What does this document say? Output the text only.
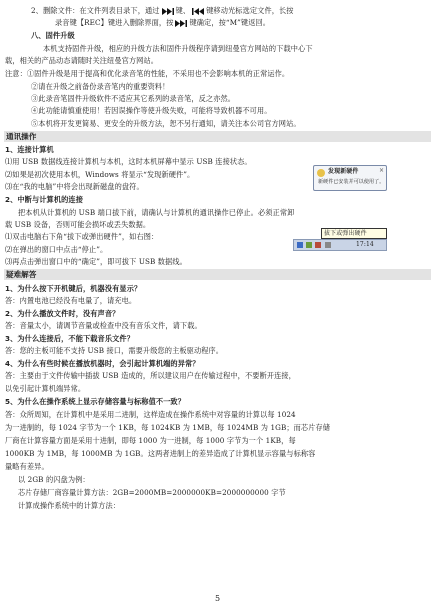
2、删除文件：在文件列表目录下，通过 键、 键移动光标选定文件，长按
录音键【REC】键进入删除界面，按 键确定，按“M”键返回。
八、固件升级
本机支持固件升级，相应的升级方法和固件升级程序请到纽曼官方网站的下载中心下
载，相关的产品动态请随时关注纽曼官方网站。
注意：①固件升级是用于提高和优化录音笔的性能，不采用也不会影响本机的正常运作。
②请在升级之前备份录音笔内的重要资料！
③此录音笔固件升级软件不适应其它系列的录音笔，反之亦然。
④此功能请慎重使用！若因误操作等使升级失败，可能将导致机器不可用。
⑤本机将开发更简易、更安全的升级方法，恕不另行通知，请关注本公司官方网站。
通讯操作
1、连接计算机
⑴用 USB 数据线连接计算机与本机，这时本机屏幕中显示 USB 连接状态。
⑵如果是初次使用本机，Windows 将显示“发现新硬件”。
⑶在“我的电脑”中将会出现新磁盘的盘符。
发现新硬件
新硬件已安装并可以使用了。
×
2、中断与计算机的连接
把本机从计算机的 USB 端口拔下前，请确认与计算机的通讯操作已停止。必须正常卸
载 USB 设备，否则可能会损坏或丢失数据。
⑴双击电脑右下角“拔下或弹出硬件”，如右图：
⑵在弹出的窗口中点击“停止”。
⑶再点击弹出窗口中的“确定”，即可拔下 USB 数据线。
拔下或弹出硬件
17:14
疑难解答
1、为什么按下开机键后，机器没有显示？
答：内置电池已经没有电量了，请充电。
2、为什么播放文件时，没有声音？
答：音量太小，请调节音量或检查中没有音乐文件，请下载。
3、为什么连接后，不能下载音乐文件？
答：您的主板可能不支持 USB 接口，需要升级您的主板驱动程序。
4、为什么有些时候在播放机器时，会引起计算机端的异常？
答：主要由于文件传输中插拔 USB 造成的，所以建议用户在传输过程中，不要断开连接，
以免引起计算机端异常。
5、为什么在操作系统上显示存储容量与标称值不一致？
答：众所周知，在计算机中是采用二进制，这样造成在操作系统中对容量的计算以每 1024
为一进制的，每 1024 字节为一个 1KB，每 1024KB 为 1MB，每 1024MB 为 1GB；而芯片存储
厂商在计算容量方面是采用十进制，即每 1000 为一进制，每 1000 字节为一个 1KB，每
1000KB 为 1MB，每 1000MB 为 1GB。这两者进制上的差异造成了计算机显示容量与标称容
量略有差异。
以 2GB 的闪盘为例：
芯片存储厂商容量计算方法：2GB=2000MB=2000000KB=2000000000 字节
计算成操作系统中的计算方法：
5
